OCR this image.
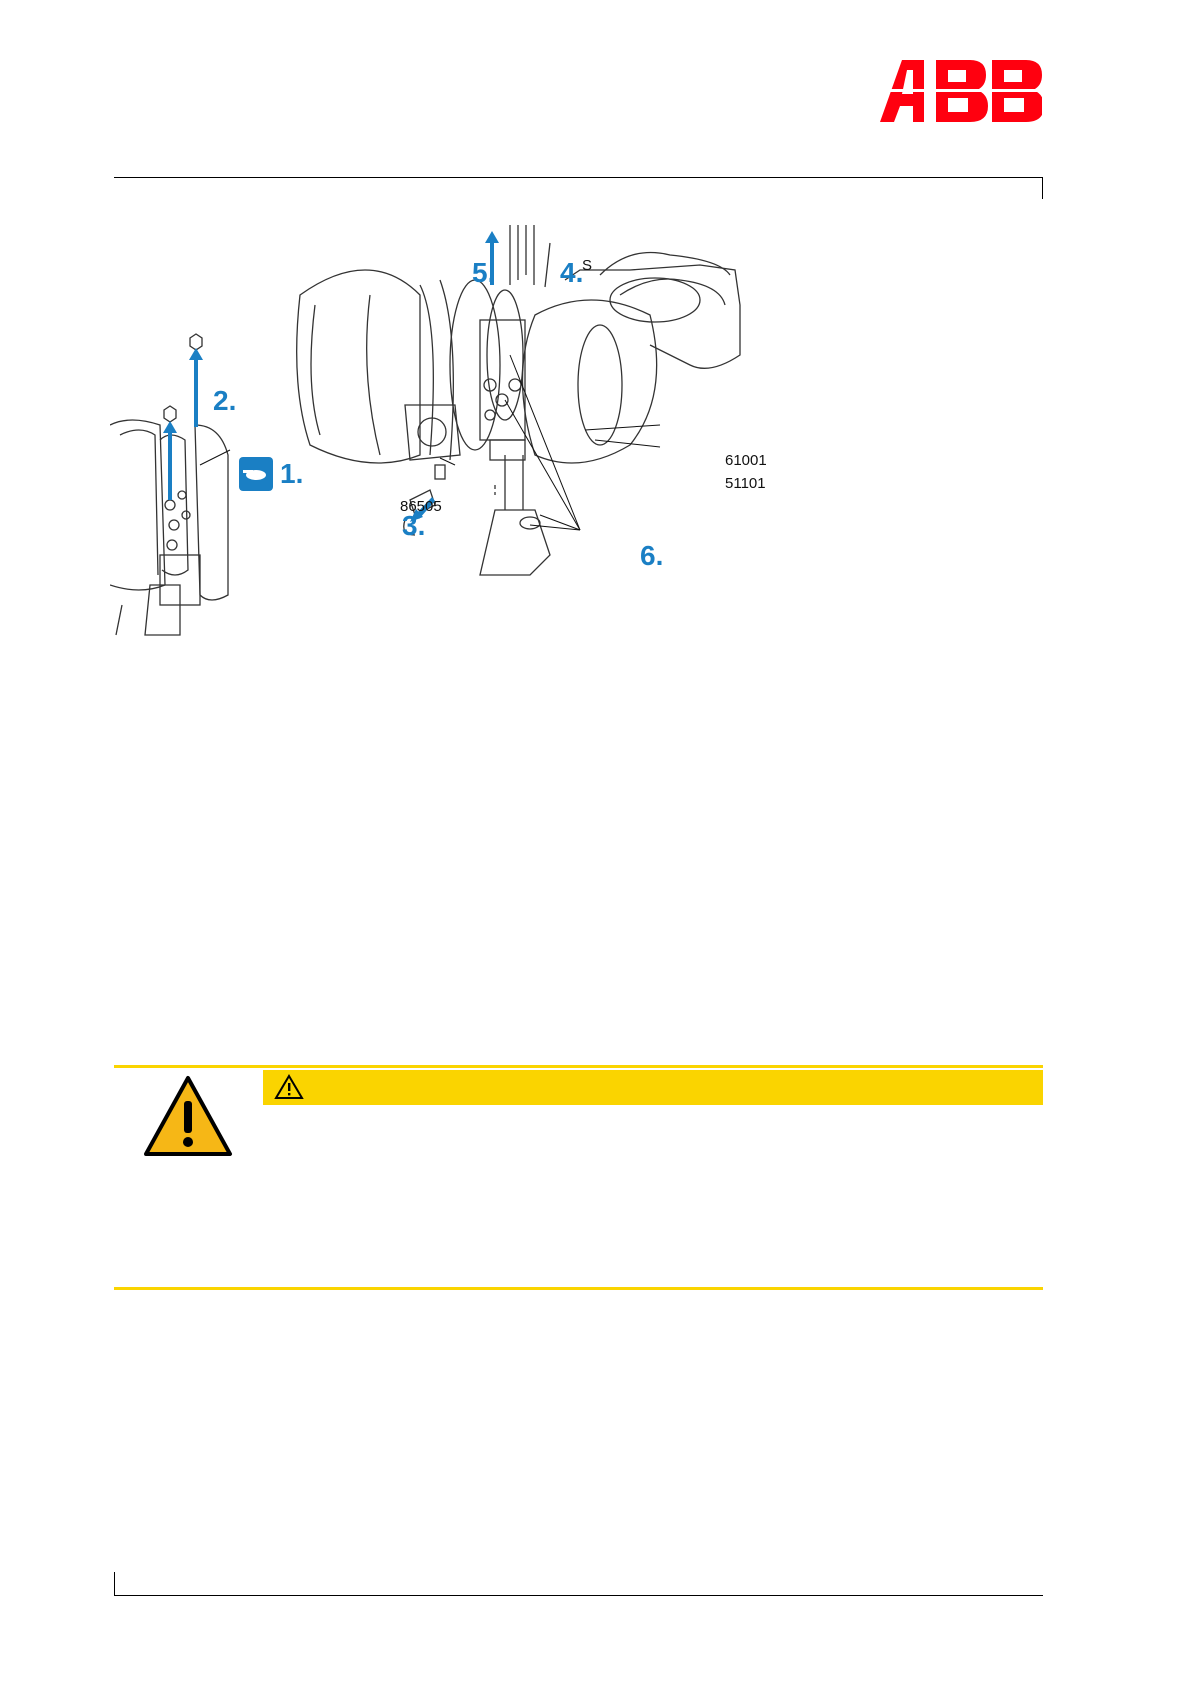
1.
2.
3.
4.
5.
6.
61001
51101
86505
S
